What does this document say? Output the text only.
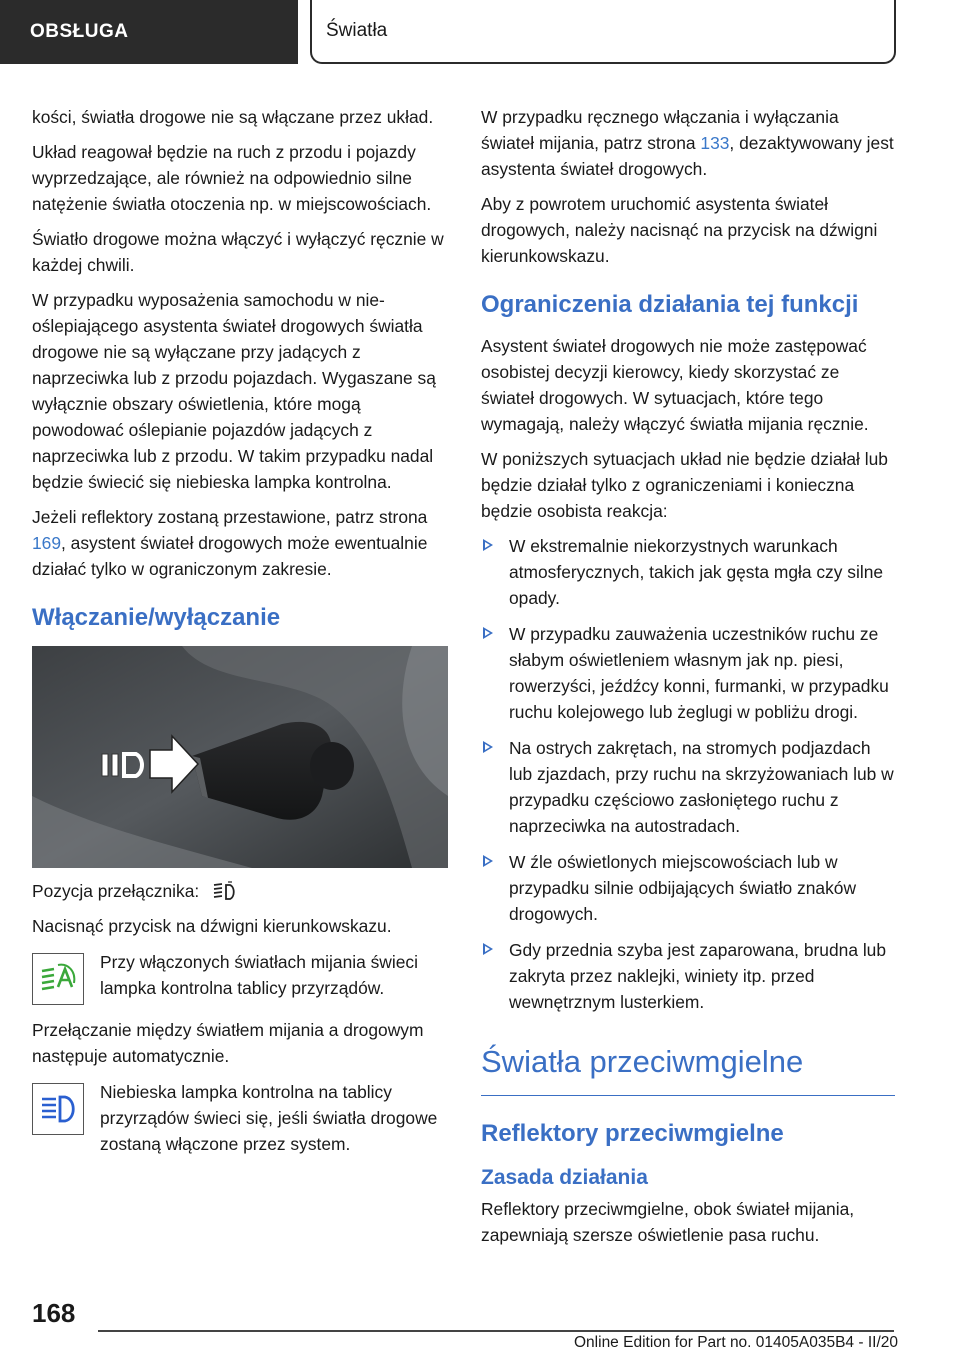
OBSŁUGA	Światła

kości, światła drogowe nie są włączane przez układ.

Układ reagował będzie na ruch z przodu i pojazdy wyprzedzające, ale również na odpowiednio silne natężenie światła otoczenia np. w miejscowościach.

Światło drogowe można włączyć i wyłączyć ręcznie w każdej chwili.

W przypadku wyposażenia samochodu w nieoślepiającego asystenta świateł drogowych światła drogowe nie są wyłączane przy jadących z naprzeciwka lub z przodu pojazdach. Wygaszane są wyłącznie obszary oświetlenia, które mogą powodować oślepianie pojazdów jadących z naprzeciwka lub z przodu. W takim przypadku nadal będzie świecić się niebieska lampka kontrolna.

Jeżeli reflektory zostaną przestawione, patrz strona 169, asystent świateł drogowych może ewentualnie działać tylko w ograniczonym zakresie.

Włączanie/wyłączanie

Pozycja przełącznika:

Nacisnąć przycisk na dźwigni kierunkowskazu.

Przy włączonych światłach mijania świeci lampka kontrolna tablicy przyrządów.

Przełączanie między światłem mijania a drogowym następuje automatycznie.

Niebieska lampka kontrolna na tablicy przyrządów świeci się, jeśli światła drogowe zostaną włączone przez system.

W przypadku ręcznego włączania i wyłączania świateł mijania, patrz strona 133, dezaktywowany jest asystenta świateł drogowych.

Aby z powrotem uruchomić asystenta świateł drogowych, należy nacisnąć na przycisk na dźwigni kierunkowskazu.

Ograniczenia działania tej funkcji

Asystent świateł drogowych nie może zastępować osobistej decyzji kierowcy, kiedy skorzystać ze świateł drogowych. W sytuacjach, które tego wymagają, należy włączyć światła mijania ręcznie.

W poniższych sytuacjach układ nie będzie działał lub będzie działał tylko z ograniczeniami i konieczna będzie osobista reakcja:

W ekstremalnie niekorzystnych warunkach atmosferycznych, takich jak gęsta mgła czy silne opady.
W przypadku zauważenia uczestników ruchu ze słabym oświetleniem własnym jak np. piesi, rowerzyści, jeźdźcy konni, furmanki, w przypadku ruchu kolejowego lub żeglugi w pobliżu drogi.
Na ostrych zakrętach, na stromych podjazdach lub zjazdach, przy ruchu na skrzyżowaniach lub w przypadku częściowo zasłoniętego ruchu z naprzeciwka na autostradach.
W źle oświetlonych miejscowościach lub w przypadku silnie odbijających światło znaków drogowych.
Gdy przednia szyba jest zaparowana, brudna lub zakryta przez naklejki, winiety itp. przed wewnętrznym lusterkiem.
Światła przeciwmgielne
Reflektory przeciwmgielne
Zasada działania

Reflektory przeciwmgielne, obok świateł mijania, zapewniają szersze oświetlenie pasa ruchu.

168
Online Edition for Part no. 01405A035B4 - II/20
